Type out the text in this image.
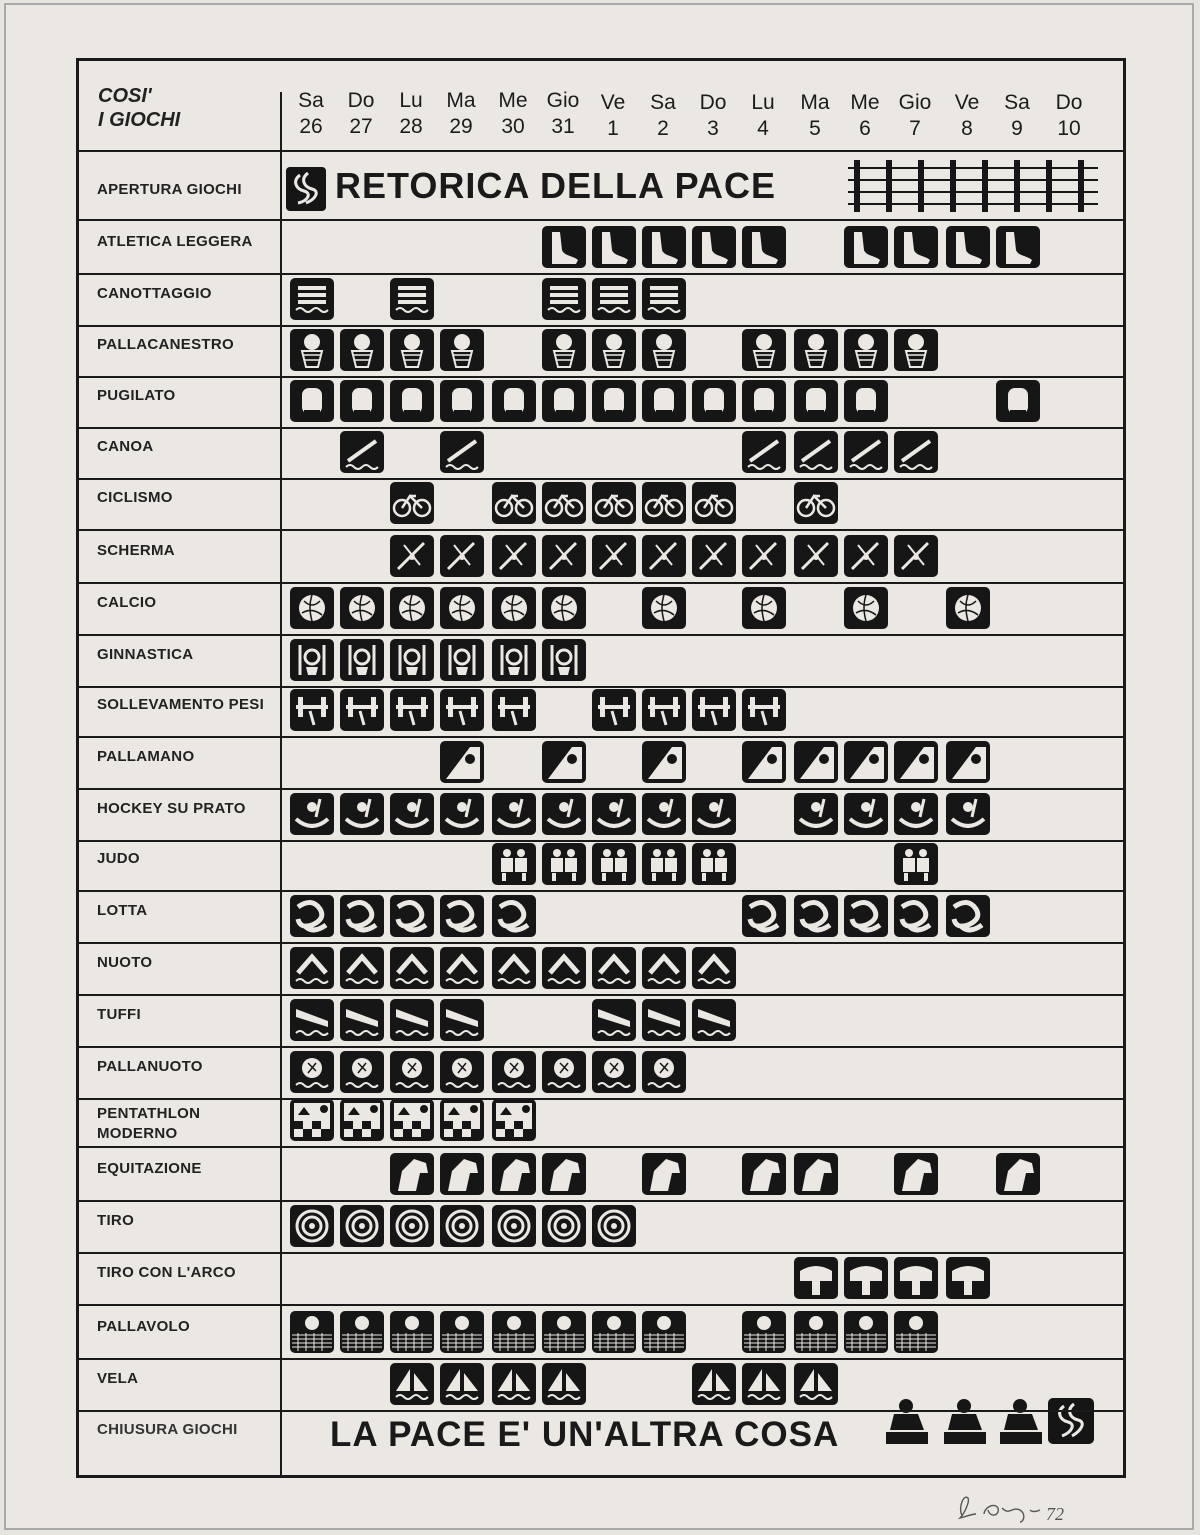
COSI'
I GIOCHI
Sa
26
Do
27
Lu
28
Ma
29
Me
30
Gio
31
Ve
1
Sa
2
Do
3
Lu
4
Ma
5
Me
6
Gio
7
Ve
8
Sa
9
Do
10
ATLETICA LEGGERA
CANOTTAGGIO
PALLACANESTRO
PUGILATO
CANOA
CICLISMO
SCHERMA
CALCIO
GINNASTICA
SOLLEVAMENTO PESI
PALLAMANO
HOCKEY SU PRATO
JUDO
LOTTA
NUOTO
TUFFI
PALLANUOTO
PENTATHLON
MODERNO
EQUITAZIONE
TIRO
TIRO CON L'ARCO
PALLAVOLO
VELA
APERTURA GIOCHI	RETORICA DELLA PACE
CHIUSURA GIOCHI	LA PACE E' UN'ALTRA COSA
72
